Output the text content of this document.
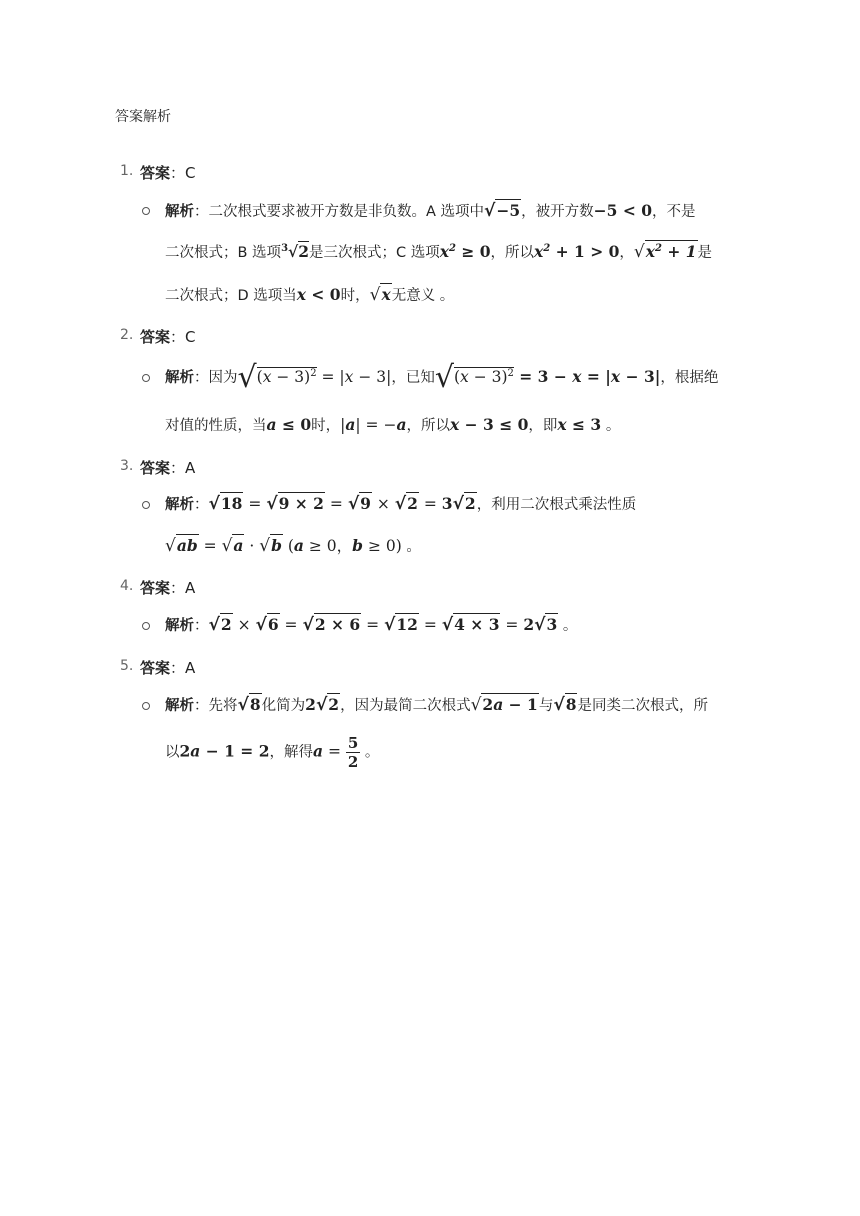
答案解析
1. 答案：C
解析：二次根式要求被开方数是非负数。A 选项中√−5，被开方数−5 < 0，不是
二次根式；B 选项$^3$√2是三次根式；C 选项$x^2 \ge 0$，所以$x^2 + 1 > 0$，$√x^2 + 1$是
二次根式；D 选项当x < 0时，√x无意义 。
2. 答案：C
解析：因为$√(x - 3)^2 = |x - 3|$，已知$√(x - 3)^2 = 3 - x = |x - 3|$，根据绝
对值的性质，当a ≤ 0时，|a| = −a，所以x − 3 ≤ 0，即x ≤ 3 。
3. 答案：A
解析：√18 = √9 × 2 = √9 × √2 = 3√2，利用二次根式乘法性质
√ab = √a · √b (a ≥ 0，b ≥ 0) 。
4. 答案：A
解析：√2 × √6 = √2 × 6 = √12 = √4 × 3 = 2√3 。
5. 答案：A
解析：先将√8化简为2√2，因为最简二次根式√2a − 1与√8是同类二次根式，所
以2a − 1 = 2，解得$a = \frac{5}{2}$ 。
